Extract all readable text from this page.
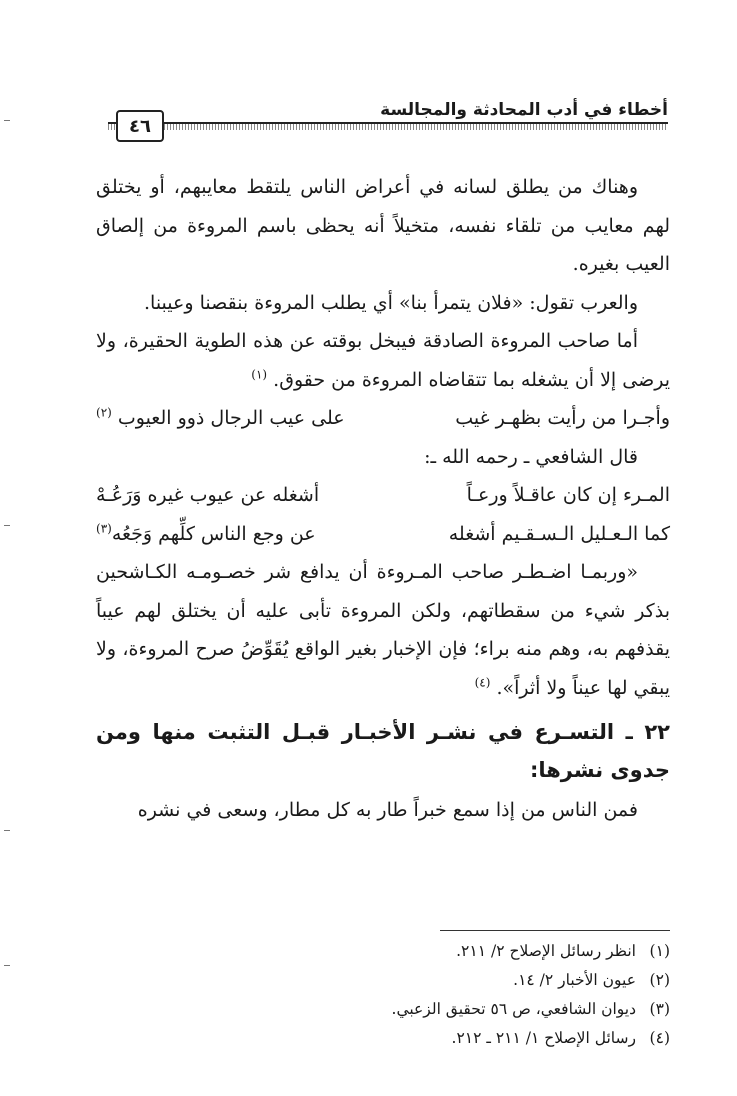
أخطاء في أدب المحادثة والمجالسة
٤٦

وهناك من يطلق لسانه في أعراض الناس يلتقط معايبهم، أو يختلق لهم معايب من تلقاء نفسه، متخيلاً أنه يحظى باسم المروءة من إلصاق العيب بغيره.

والعرب تقول: «فلان يتمرأ بنا» أي يطلب المروءة بنقصنا وعيبنا.

أما صاحب المروءة الصادقة فيبخل بوقته عن هذه الطوية الحقيرة، ولا يرضى إلا أن يشغله بما تتقاضاه المروءة من حقوق. $^{(١)}$

وأجـرا من رأيت بظهـر غيب
على عيب الرجال ذوو العيوب $^{(٢)}$

قال الشافعي ـ رحمه الله ـ:

المـرء إن كان عاقـلاً ورعـاً
أشغله عن عيوب غيره وَرَعُـهْ
كما الـعـليل الـسـقـيم أشغله
عن وجع الناس كلِّهم وَجَعُه$^{(٣)}$

«وربمـا اضـطـر صاحب المـروءة أن يدافع شر خصـومـه الكـاشحين بذكر شيء من سقطاتهم، ولكن المروءة تأبى عليه أن يختلق لهم عيباً يقذفهم به، وهم منه براء؛ فإن الإخبار بغير الواقع يُقَوِّضُ صرح المروءة، ولا يبقي لها عيناً ولا أثراً». $^{(٤)}$

٢٢ ـ التسـرع في نشـر الأخبـار قبـل التثبت منها ومن جدوى نشرها:

فمن الناس من إذا سمع خبراً طار به كل مطار، وسعى في نشره

(١)انظر رسائل الإصلاح ٢/ ٢١١.
(٢)عيون الأخبار ٢/ ١٤.
(٣)ديوان الشافعي، ص ٥٦ تحقيق الزعبي.
(٤)رسائل الإصلاح ١/ ٢١١ ـ ٢١٢.
